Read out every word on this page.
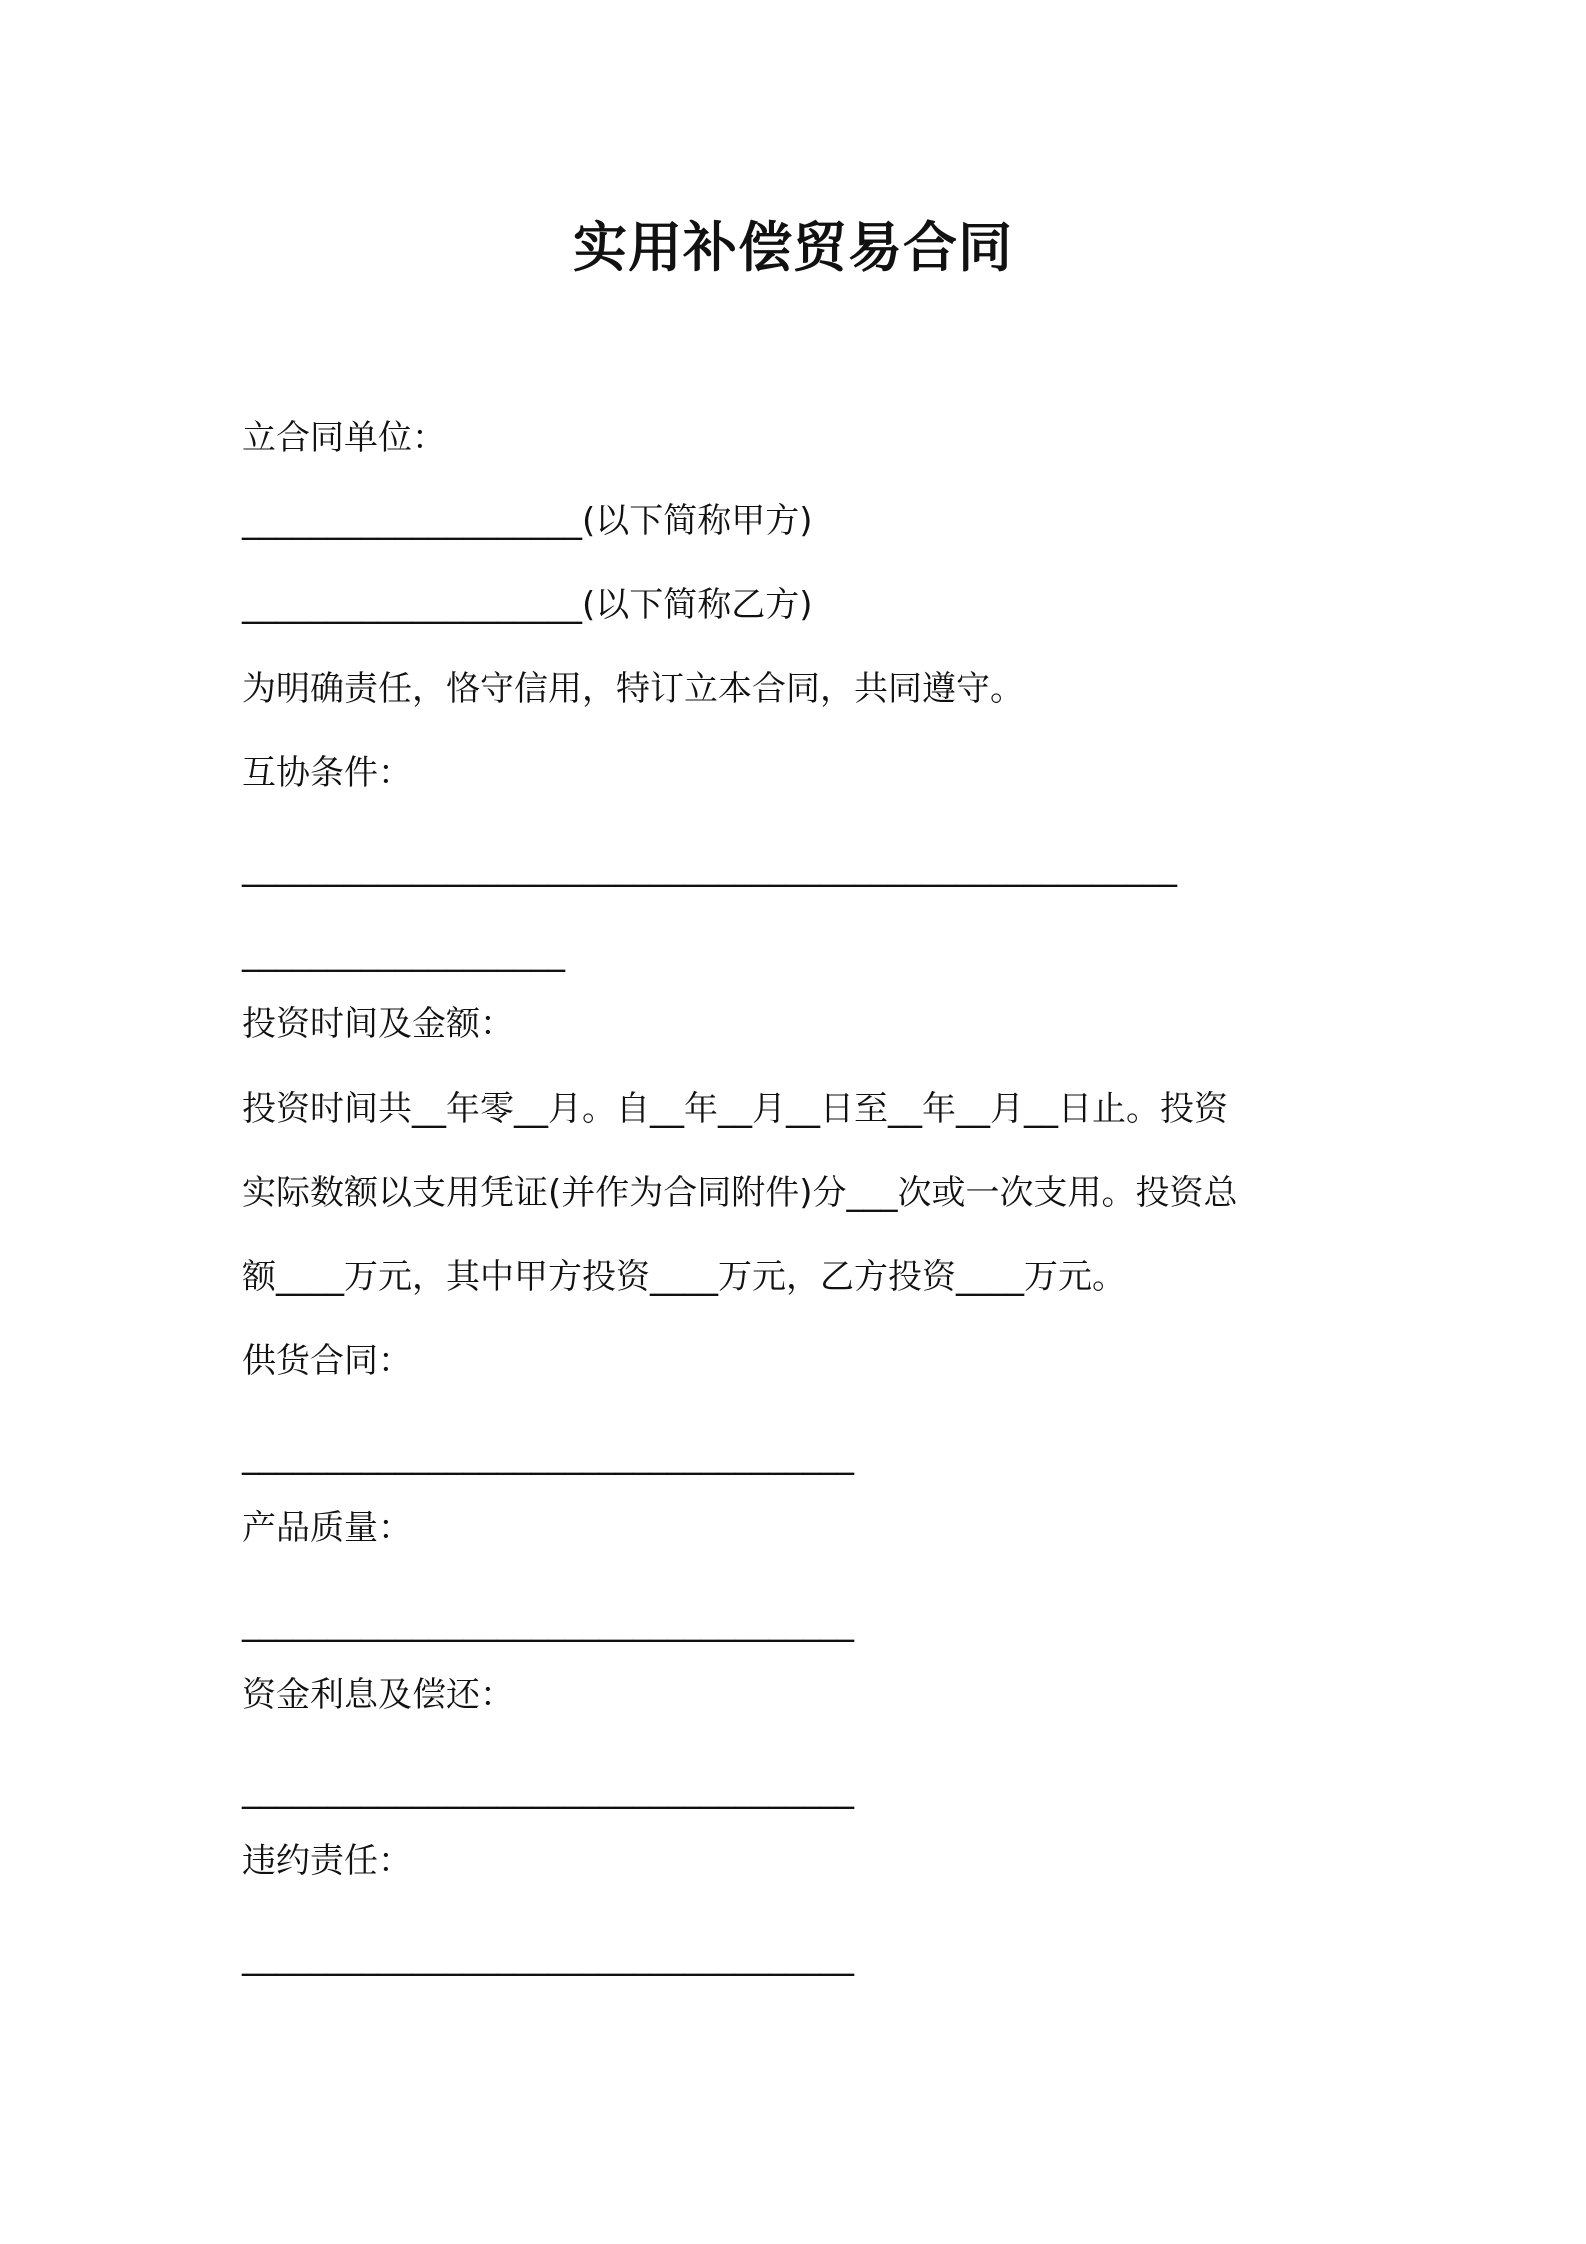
实用补偿贸易合同
立合同单位：
____________________(以下简称甲方)
____________________(以下简称乙方)
为明确责任，恪守信用，特订立本合同，共同遵守。
互协条件：
_______________________________________________________
___________________
投资时间及金额：
投资时间共__年零__月。自__年__月__日至__年__月__日止。投资
实际数额以支用凭证(并作为合同附件)分___次或一次支用。投资总
额____万元，其中甲方投资____万元，乙方投资____万元。
供货合同：
____________________________________
产品质量：
____________________________________
资金利息及偿还：
____________________________________
违约责任：
____________________________________
